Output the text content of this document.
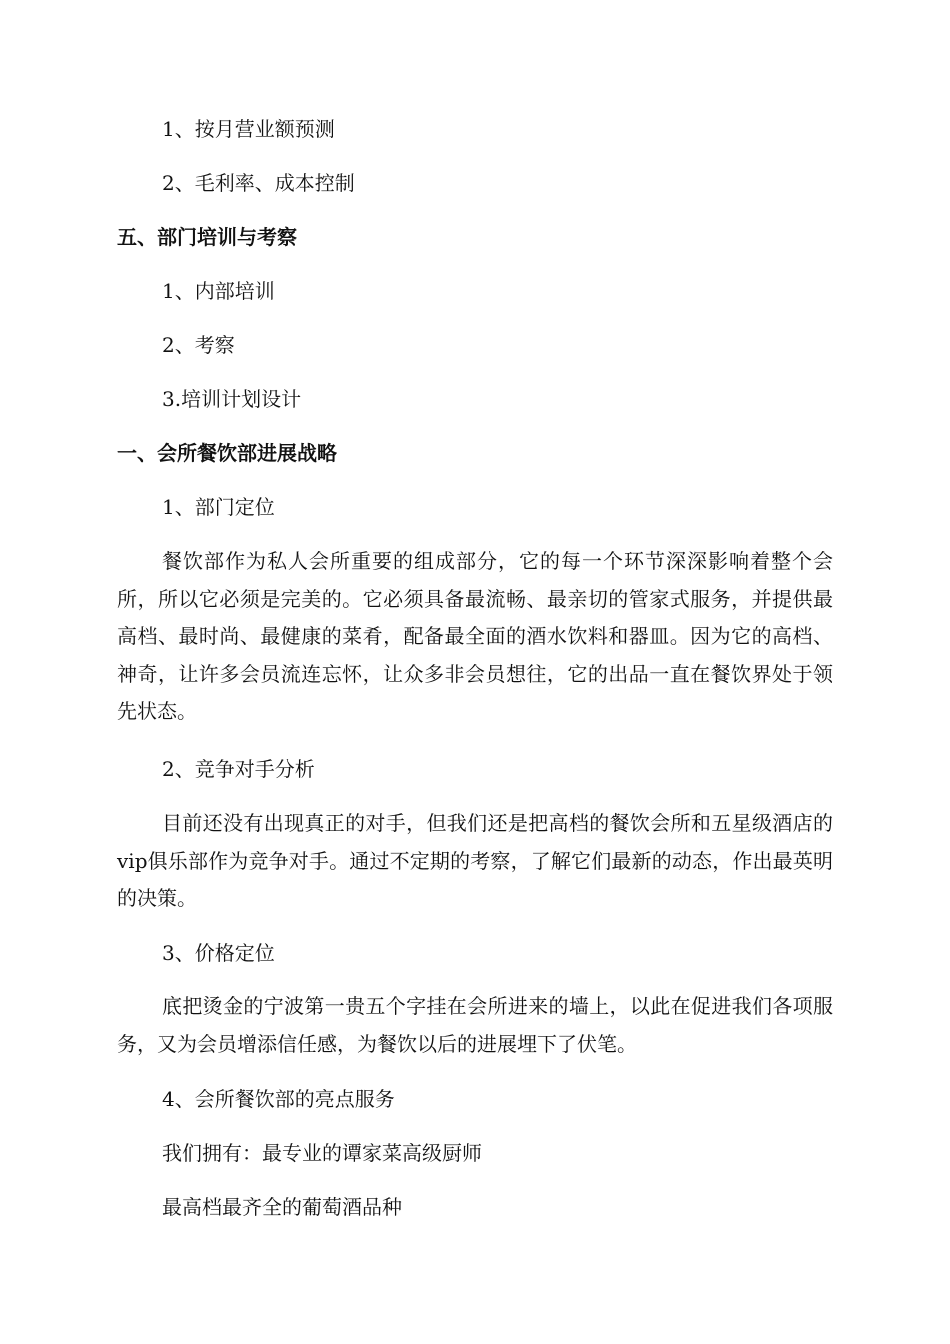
1、按月营业额预测
2、毛利率、成本控制
五、部门培训与考察
1、内部培训
2、考察
3.培训计划设计
一、会所餐饮部进展战略
1、部门定位
餐饮部作为私人会所重要的组成部分，它的每一个环节深深影响着整个会所，所以它必须是完美的。它必须具备最流畅、最亲切的管家式服务，并提供最高档、最时尚、最健康的菜肴，配备最全面的酒水饮料和器皿。因为它的高档、神奇，让许多会员流连忘怀，让众多非会员想往，它的出品一直在餐饮界处于领先状态。
2、竞争对手分析
目前还没有出现真正的对手，但我们还是把高档的餐饮会所和五星级酒店的vip俱乐部作为竞争对手。通过不定期的考察，了解它们最新的动态，作出最英明的决策。
3、价格定位
底把烫金的宁波第一贵五个字挂在会所进来的墙上，以此在促进我们各项服务，又为会员增添信任感，为餐饮以后的进展埋下了伏笔。
4、会所餐饮部的亮点服务
我们拥有：最专业的谭家菜高级厨师
最高档最齐全的葡萄酒品种
